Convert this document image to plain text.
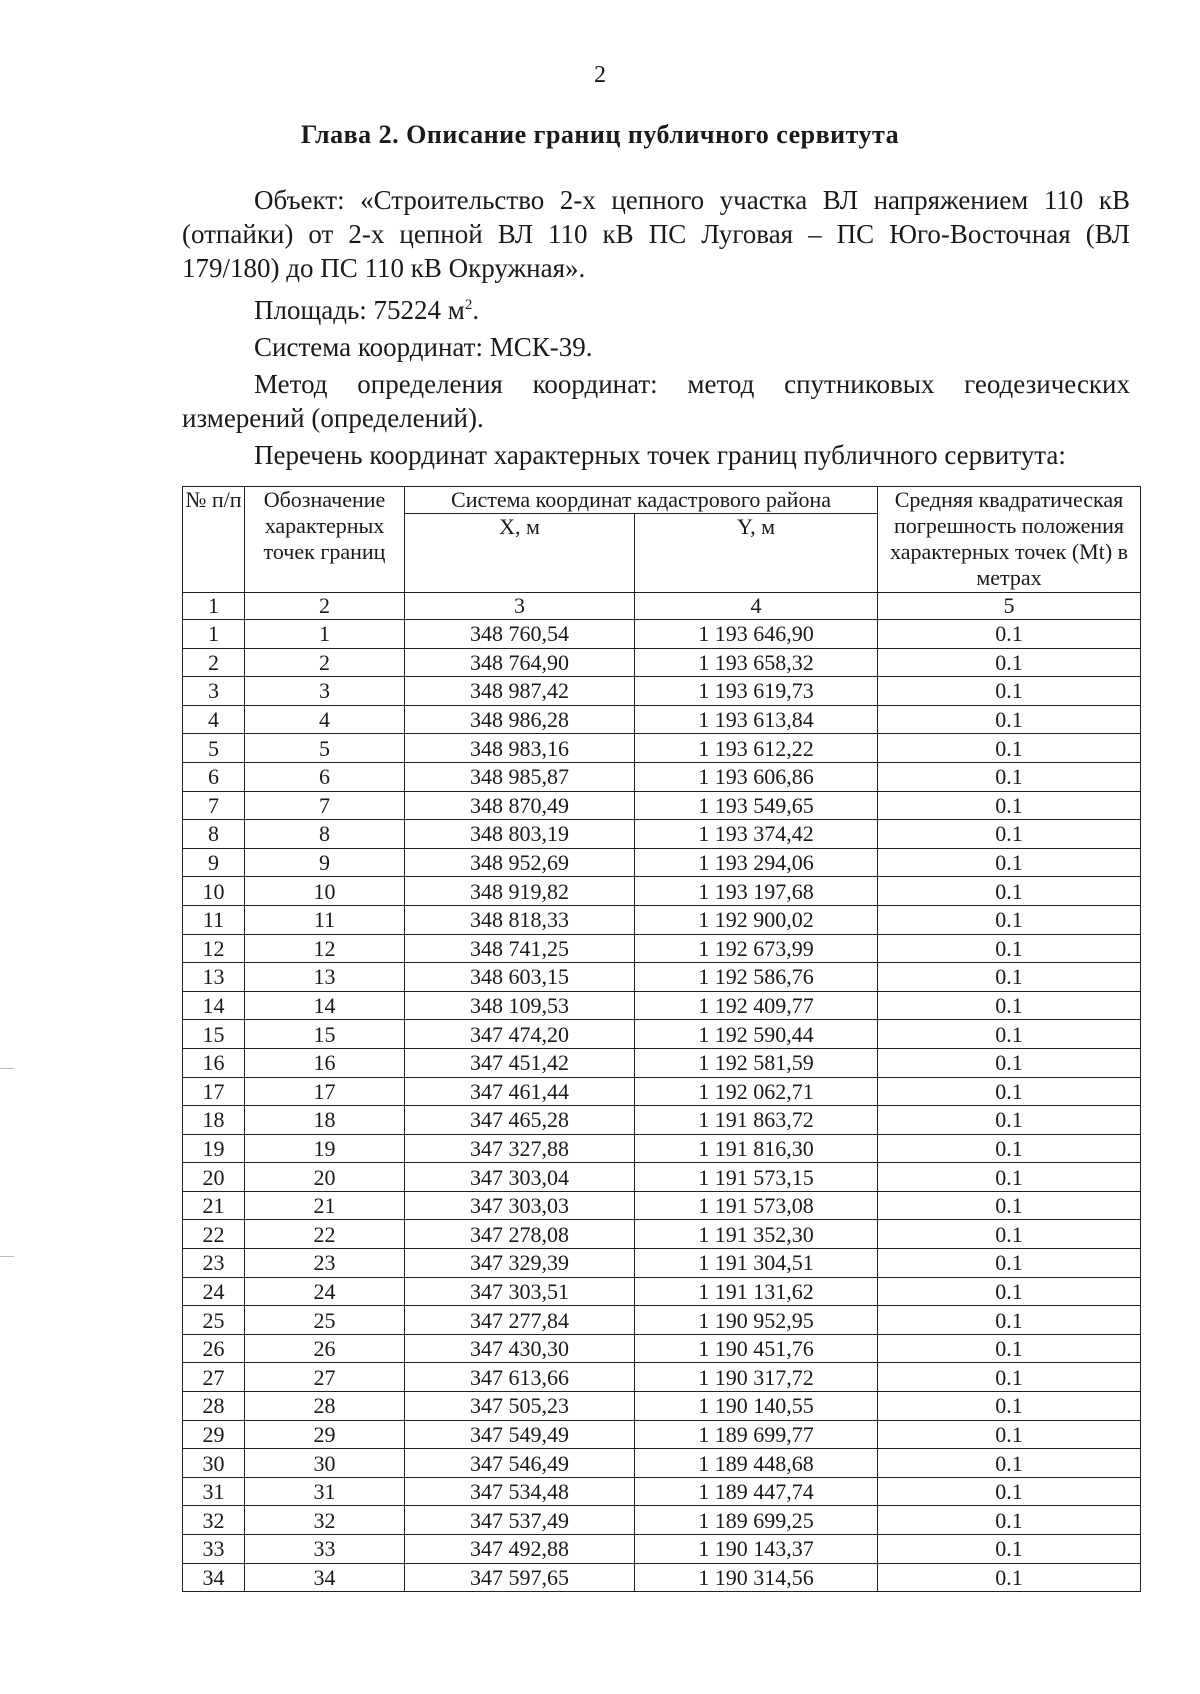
2
Глава 2. Описание границ публичного сервитута

Объект: «Строительство 2-х цепного участка ВЛ напряжением 110 кВ (отпайки) от 2-х цепной ВЛ 110 кВ ПС Луговая – ПС Юго-Восточная (ВЛ 179/180) до ПС 110 кВ Окружная».

Площадь: 75224 $м^2$.

Система координат: МСК-39.

Метод определения координат: метод спутниковых геодезических измерений (определений).

Перечень координат характерных точек границ публичного сервитута:

№ п/п	Обозначение характерных точек границ	Система координат кадастрового района		Средняя квадратическая погрешность положения характерных точек (Mt) в метрах
		X, м	Y, м	
1	2	3	4	5
1	1	348 760,54	1 193 646,90	0.1
2	2	348 764,90	1 193 658,32	0.1
3	3	348 987,42	1 193 619,73	0.1
4	4	348 986,28	1 193 613,84	0.1
5	5	348 983,16	1 193 612,22	0.1
6	6	348 985,87	1 193 606,86	0.1
7	7	348 870,49	1 193 549,65	0.1
8	8	348 803,19	1 193 374,42	0.1
9	9	348 952,69	1 193 294,06	0.1
10	10	348 919,82	1 193 197,68	0.1
11	11	348 818,33	1 192 900,02	0.1
12	12	348 741,25	1 192 673,99	0.1
13	13	348 603,15	1 192 586,76	0.1
14	14	348 109,53	1 192 409,77	0.1
15	15	347 474,20	1 192 590,44	0.1
16	16	347 451,42	1 192 581,59	0.1
17	17	347 461,44	1 192 062,71	0.1
18	18	347 465,28	1 191 863,72	0.1
19	19	347 327,88	1 191 816,30	0.1
20	20	347 303,04	1 191 573,15	0.1
21	21	347 303,03	1 191 573,08	0.1
22	22	347 278,08	1 191 352,30	0.1
23	23	347 329,39	1 191 304,51	0.1
24	24	347 303,51	1 191 131,62	0.1
25	25	347 277,84	1 190 952,95	0.1
26	26	347 430,30	1 190 451,76	0.1
27	27	347 613,66	1 190 317,72	0.1
28	28	347 505,23	1 190 140,55	0.1
29	29	347 549,49	1 189 699,77	0.1
30	30	347 546,49	1 189 448,68	0.1
31	31	347 534,48	1 189 447,74	0.1
32	32	347 537,49	1 189 699,25	0.1
33	33	347 492,88	1 190 143,37	0.1
34	34	347 597,65	1 190 314,56	0.1
